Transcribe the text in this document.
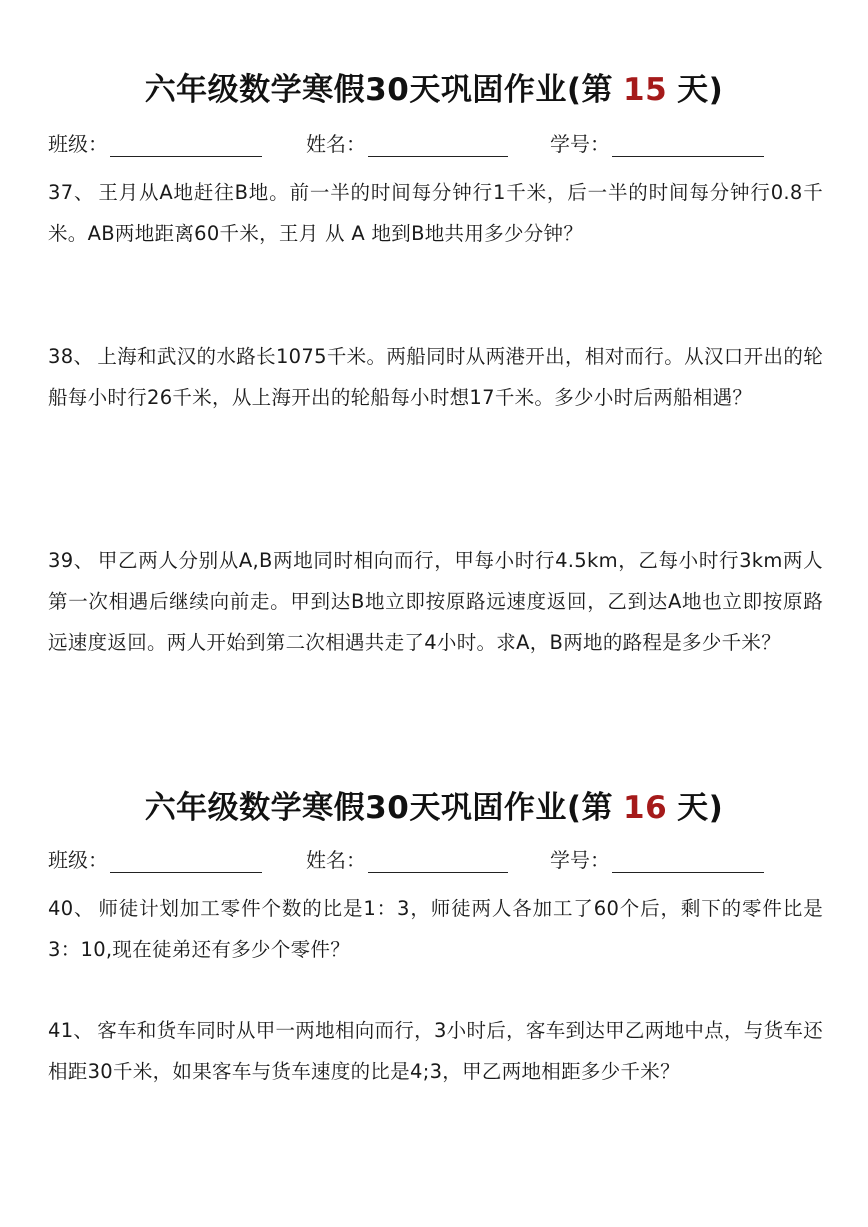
六年级数学寒假30天巩固作业(第 15 天)
班级：	姓名：	学号：
37、 王月从A地赶往B地。前一半的时间每分钟行1千米，后一半的时间每分钟行0.8千米。AB两地距离60千米，王月 从 A 地到B地共用多少分钟？
38、 上海和武汉的水路长1075千米。两船同时从两港开出，相对而行。从汉口开出的轮船每小时行26千米，从上海开出的轮船每小时想17千米。多少小时后两船相遇？
39、 甲乙两人分别从A,B两地同时相向而行，甲每小时行4.5km，乙每小时行3km两人第一次相遇后继续向前走。甲到达B地立即按原路远速度返回，乙到达A地也立即按原路远速度返回。两人开始到第二次相遇共走了4小时。求A，B两地的路程是多少千米？
六年级数学寒假30天巩固作业(第 16 天)
班级：	姓名：	学号：
40、 师徒计划加工零件个数的比是1：3，师徒两人各加工了60个后，剩下的零件比是3：10,现在徒弟还有多少个零件？
41、 客车和货车同时从甲一两地相向而行，3小时后，客车到达甲乙两地中点，与货车还相距30千米，如果客车与货车速度的比是4;3，甲乙两地相距多少千米？
